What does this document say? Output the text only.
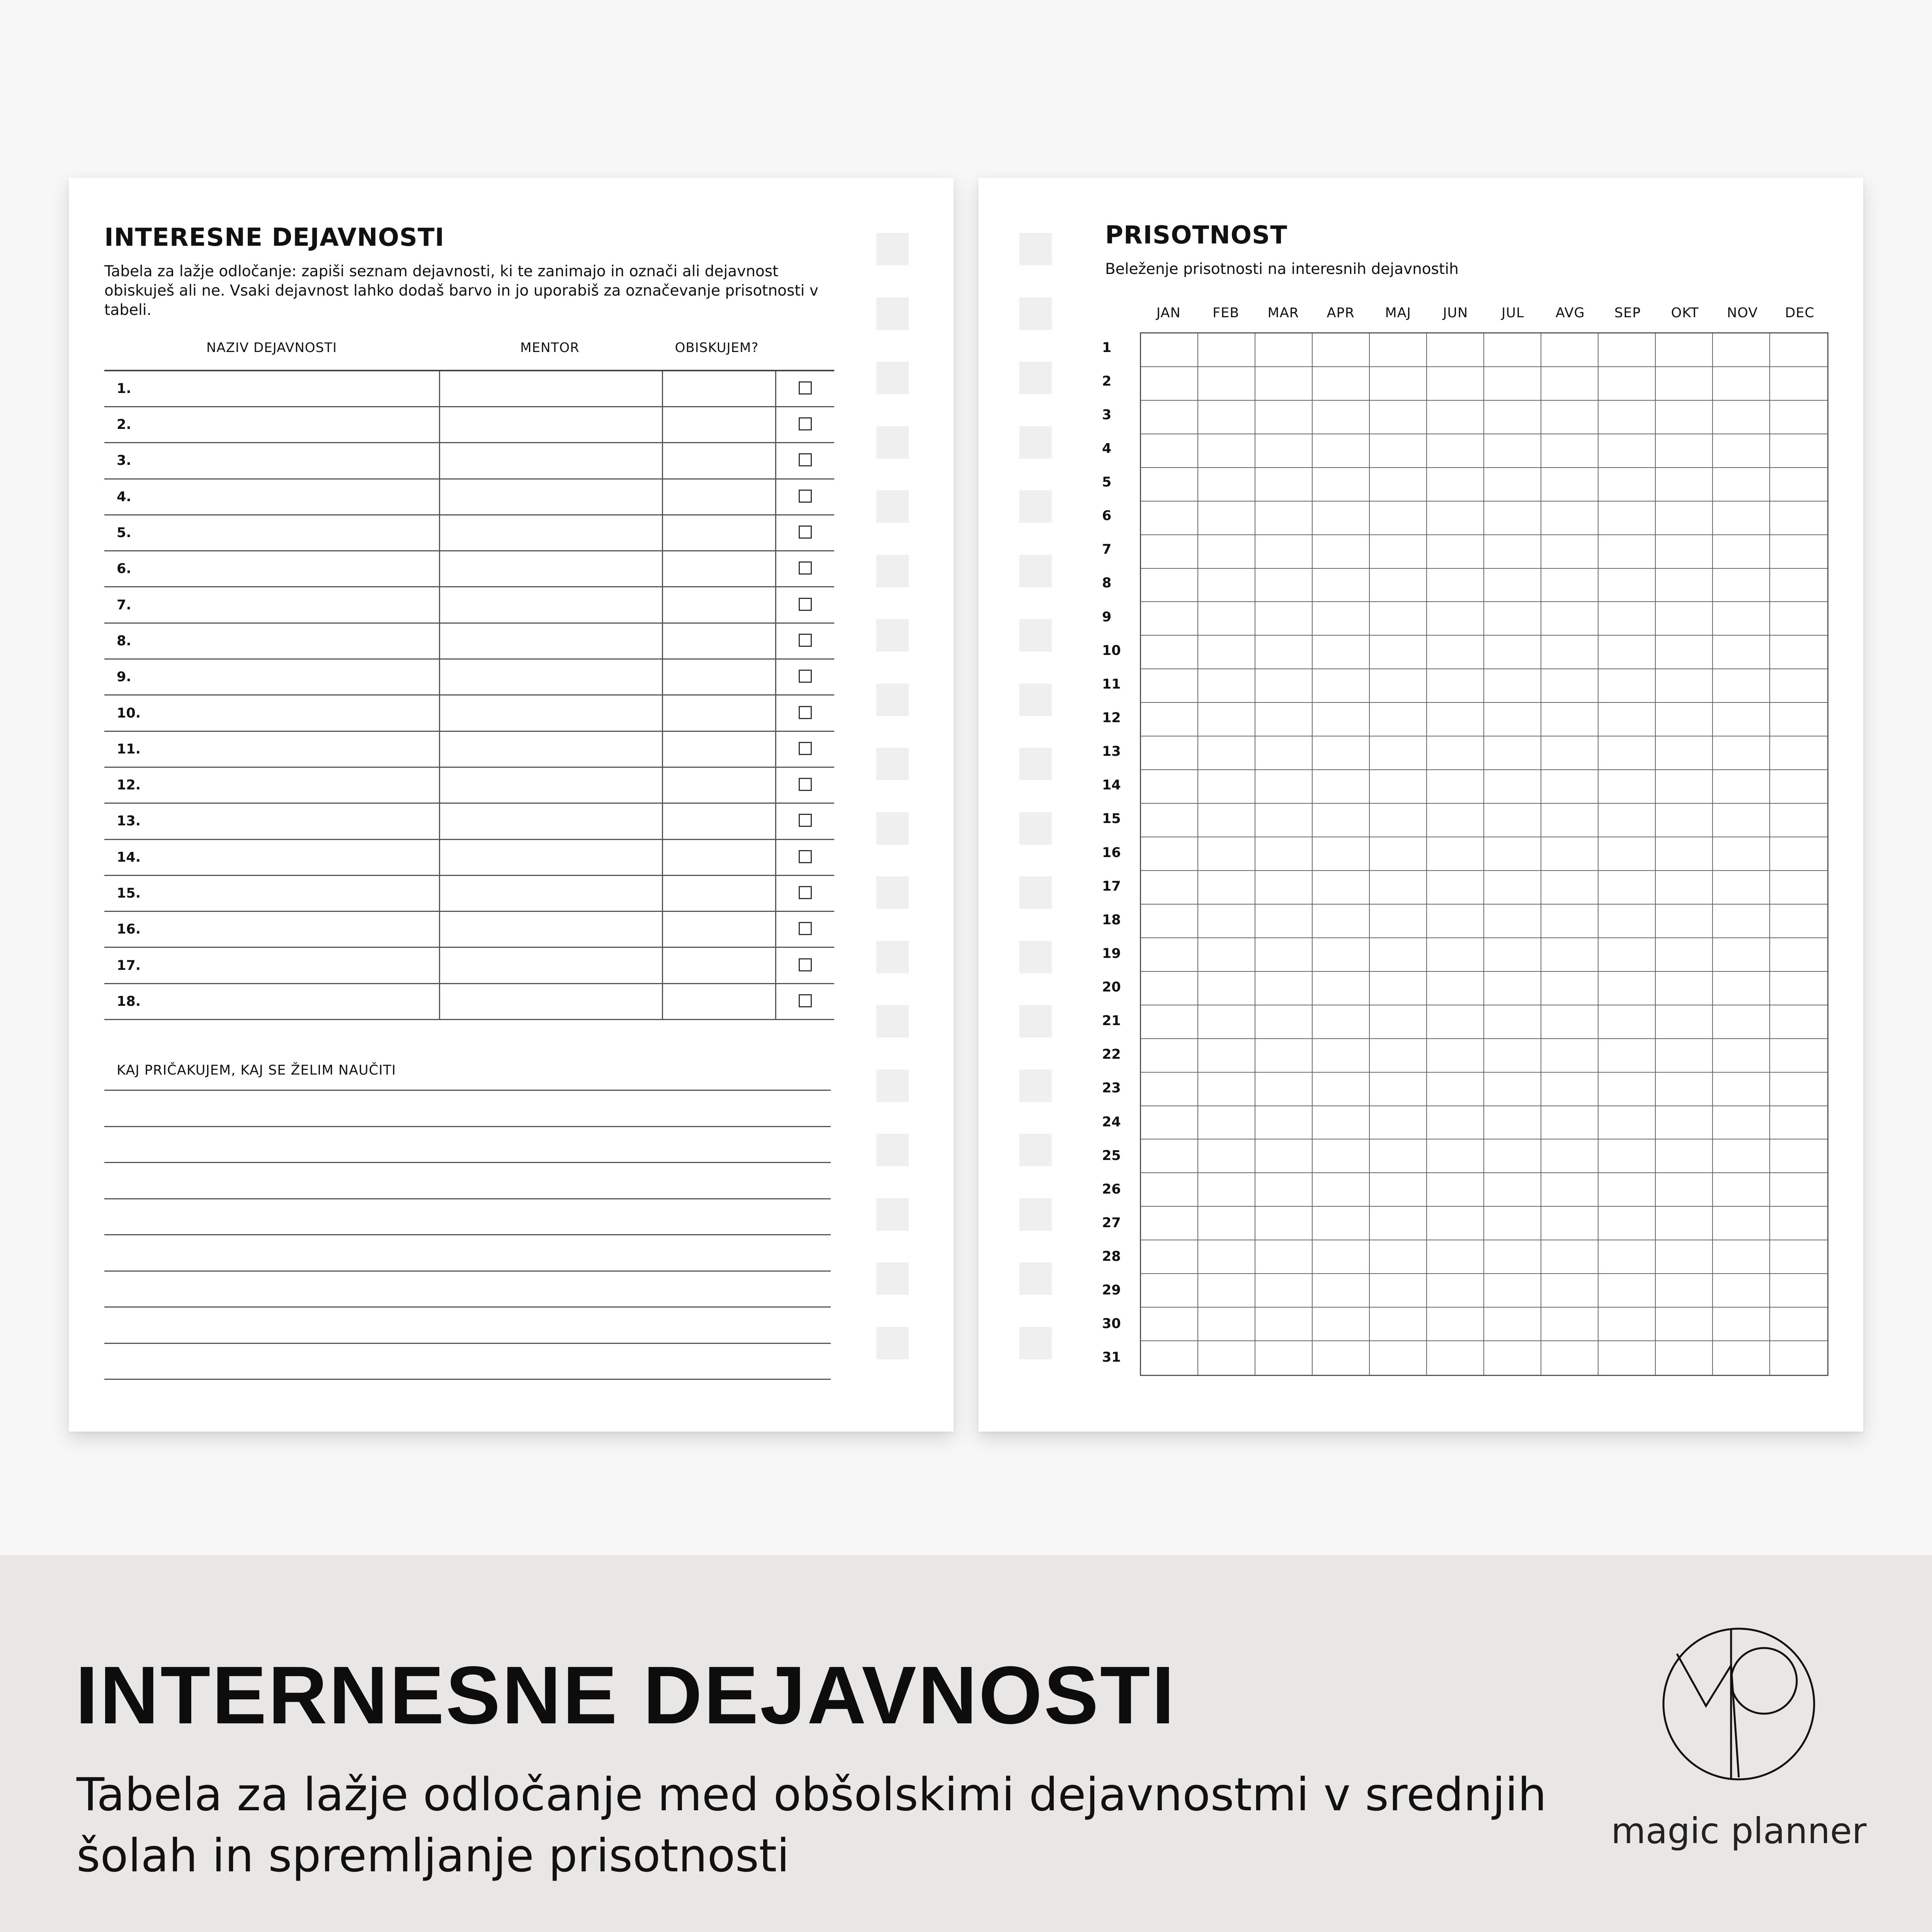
INTERESNE DEJAVNOSTI

Tabela za lažje odločanje: zapiši seznam dejavnosti, ki te zanimajo in označi ali dejavnost obiskuješ ali ne. Vsaki dejavnost lahko dodaš barvo in jo uporabiš za označevanje prisotnosti v tabeli.

NAZIV DEJAVNOSTI	MENTOR	OBISKUJEM?
1.			
2.			
3.			
4.			
5.			
6.			
7.			
8.			
9.			
10.			
11.			
12.			
13.			
14.			
15.			
16.			
17.			
18.			

KAJ PRIČAKUJEM, KAJ SE ŽELIM NAUČITI

PRISOTNOST

Beleženje prisotnosti na interesnih dejavnostih

JAN	FEB	MAR	APR	MAJ	JUN	JUL	AVG	SEP	OKT	NOV	DEC
1
2
3
4
5
6
7
8
9
10
11
12
13
14
15
16
17
18
19
20
21
22
23
24
25
26
27
28
29
30
31
INTERNESNE DEJAVNOSTI

Tabela za lažje odločanje med obšolskimi dejavnostmi v srednjih šolah in spremljanje prisotnosti	magic planner
